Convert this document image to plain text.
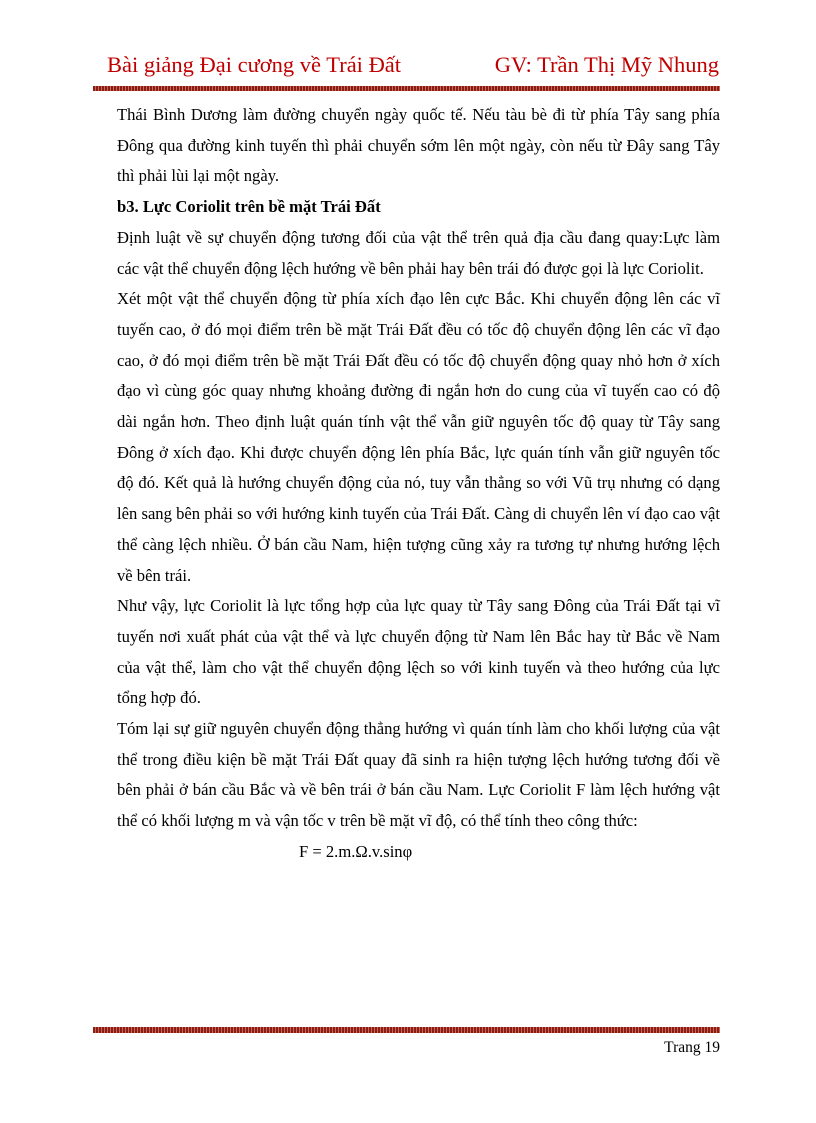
Bài giảng Đại cương về Trái Đất	GV: Trần Thị Mỹ Nhung

Thái Bình Dương làm đường chuyển ngày quốc tế. Nếu tàu bè đi từ phía Tây sang phía Đông qua đường kinh tuyến thì phải chuyển sớm lên một ngày, còn nếu từ Đây sang Tây thì phải lùi lại một ngày.

b3. Lực Coriolit trên bề mặt Trái Đất

Định luật về sự chuyển động tương đối của vật thể trên quả địa cầu đang quay:Lực làm các vật thể chuyển động lệch hướng về bên phải hay bên trái đó được gọi là lực Coriolit.

Xét một vật thể chuyển động từ phía xích đạo lên cực Bắc. Khi chuyển động lên các vĩ tuyến cao, ở đó mọi điểm trên bề mặt Trái Đất đều có tốc độ chuyển động lên các vĩ đạo cao, ở đó mọi điểm trên bề mặt Trái Đất đều có tốc độ chuyển động quay nhỏ hơn ở xích đạo vì cùng góc quay nhưng khoảng đường đi ngắn hơn do cung của vĩ tuyến cao có độ dài ngắn hơn. Theo định luật quán tính vật thể vẫn giữ nguyên tốc độ quay từ Tây sang Đông ở xích đạo. Khi được chuyển động lên phía Bắc, lực quán tính vẫn giữ nguyên tốc độ đó. Kết quả là hướng chuyển động của nó, tuy vẫn thẳng so với Vũ trụ nhưng có dạng lên sang bên phải so với hướng kinh tuyến của Trái Đất. Càng di chuyển lên ví đạo cao vật thể càng lệch nhiều. Ở bán cầu Nam, hiện tượng cũng xảy ra tương tự nhưng hướng lệch về bên trái.

Như vậy, lực Coriolit là lực tổng hợp của lực quay từ Tây sang Đông của Trái Đất tại vĩ tuyến nơi xuất phát của vật thể và lực chuyển động từ Nam lên Bắc hay từ Bắc về Nam của vật thể, làm cho vật thể chuyển động lệch so với kinh tuyến và theo hướng của lực tổng hợp đó.

Tóm lại sự giữ nguyên chuyển động thẳng hướng vì quán tính làm cho khối lượng của vật thể trong điều kiện bề mặt Trái Đất quay đã sinh ra hiện tượng lệch hướng tương đối về bên phải ở bán cầu Bắc và về bên trái ở bán cầu Nam. Lực Coriolit F làm lệch hướng vật thể có khối lượng m và vận tốc v trên bề mặt vĩ độ, có thể tính theo công thức:

F = 2.m.Ω.v.sinφ

Trang 19
